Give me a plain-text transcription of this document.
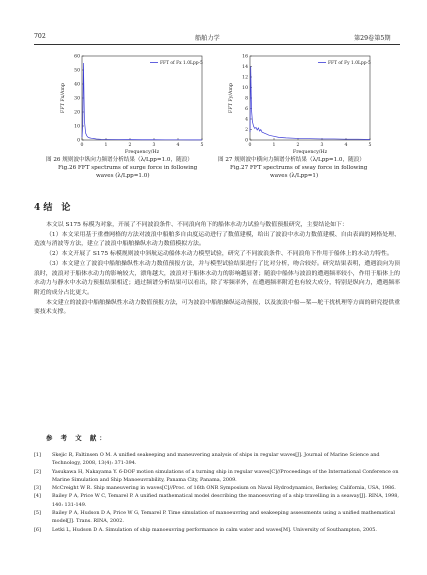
702	船舶力学	第29卷第5期
0	1	2	3	4	5
0
10
20
30
40
50
60
Frequency/Hz
FFT Fx/Amp
FFT of Fx 1.0Lpp-5
0	1	2	3	4	5
0
2
4
6
8
10
12
14
16
Frequency/Hz
FFT Fy/Amp
FFT of Fy 1.0Lpp-5
图 26 规则波中纵向力频谱分析结果（λ/Lpp=1.0，随浪）
Fig.26 FFT spectrums of surge force in following
waves (λ/Lpp=1.0)
图 27 规则波中横向力频谱分析结果（λ/Lpp=1.0，随浪）
Fig.27 FFT spectrums of sway force in following
waves (λ/Lpp=1)
4 结　论

本文以 S175 标模为对象，开展了不同波浪条件、不同浪向角下的船体水动力试验与数值预报研究，主要结论如下：

（1）本文采用基于重叠网格的方法对波浪中船舶多自由度运动进行了数值建模，给出了波浪中水动力数值建模、自由表面的网格处理、造波与消波等方法，建立了波浪中船舶操纵水动力数值模拟方法。

（2）本文开展了 S175 标模规则波中斜航运动船体水动力模型试验，研究了不同波浪条件、不同浪角下作用于船体上的水动力特性。

（3）本文建立了波浪中船舶操纵性水动力数值预报方法，并与模型试验结果进行了比对分析，吻合较好。研究结果表明，遭遇浪向为顶浪时，波浪对于船体水动力的影响较大，漂角越大，波浪对于船体水动力的影响越显著；随浪中船体与波浪的遭遇频率较小，作用于船体上的水动力与静水中水动力预报结果相近；通过频谱分析结果可以看出，除了零频率外，在遭遇频率附近也有较大成分，特别是纵向力，遭遇频率附近的成分占比更大。

本文建立的波浪中船舶操纵性水动力数值预报方法，可为波浪中船舶操纵运动预报，以及波浪中船—桨—舵干扰机理等方面的研究提供重要技术支撑。

参 考 文 献：
[1]	Skejic R, Faltinsen O M. A unified seakeeping and maneuvering analysis of ships in regular waves[J]. Journal of Marine Science and Technology, 2008, 13(4): 371-394.
[2]	Yasukawa H, Nakayama Y. 6-DOF motion simulations of a turning ship in regular waves[C]//Proceedings of the International Conference on Marine Simulation and Ship Manoeuvrability, Panama City, Panama, 2009.
[3]	McCreight W R. Ship maneuvering in waves[C]//Proc. of 16th ONR Symposium on Naval Hydrodynamics, Berkeley, California, USA, 1986.
[4]	Bailey P A, Price W C, Temarel P. A unified mathematical model describing the manoeuvring of a ship travelling in a seaway[J]. RINA, 1998, 140: 131-149.
[5]	Bailey P A, Hudson D A, Price W G, Temarel P. Time simulation of manoeuvring and seakeeping assessments using a unified mathematical model[J]. Trans. RINA, 2002.
[6]	Letki L, Hudson D A. Simulation of ship manoeuvring performance in calm water and waves[M]. University of Southampton, 2005.
